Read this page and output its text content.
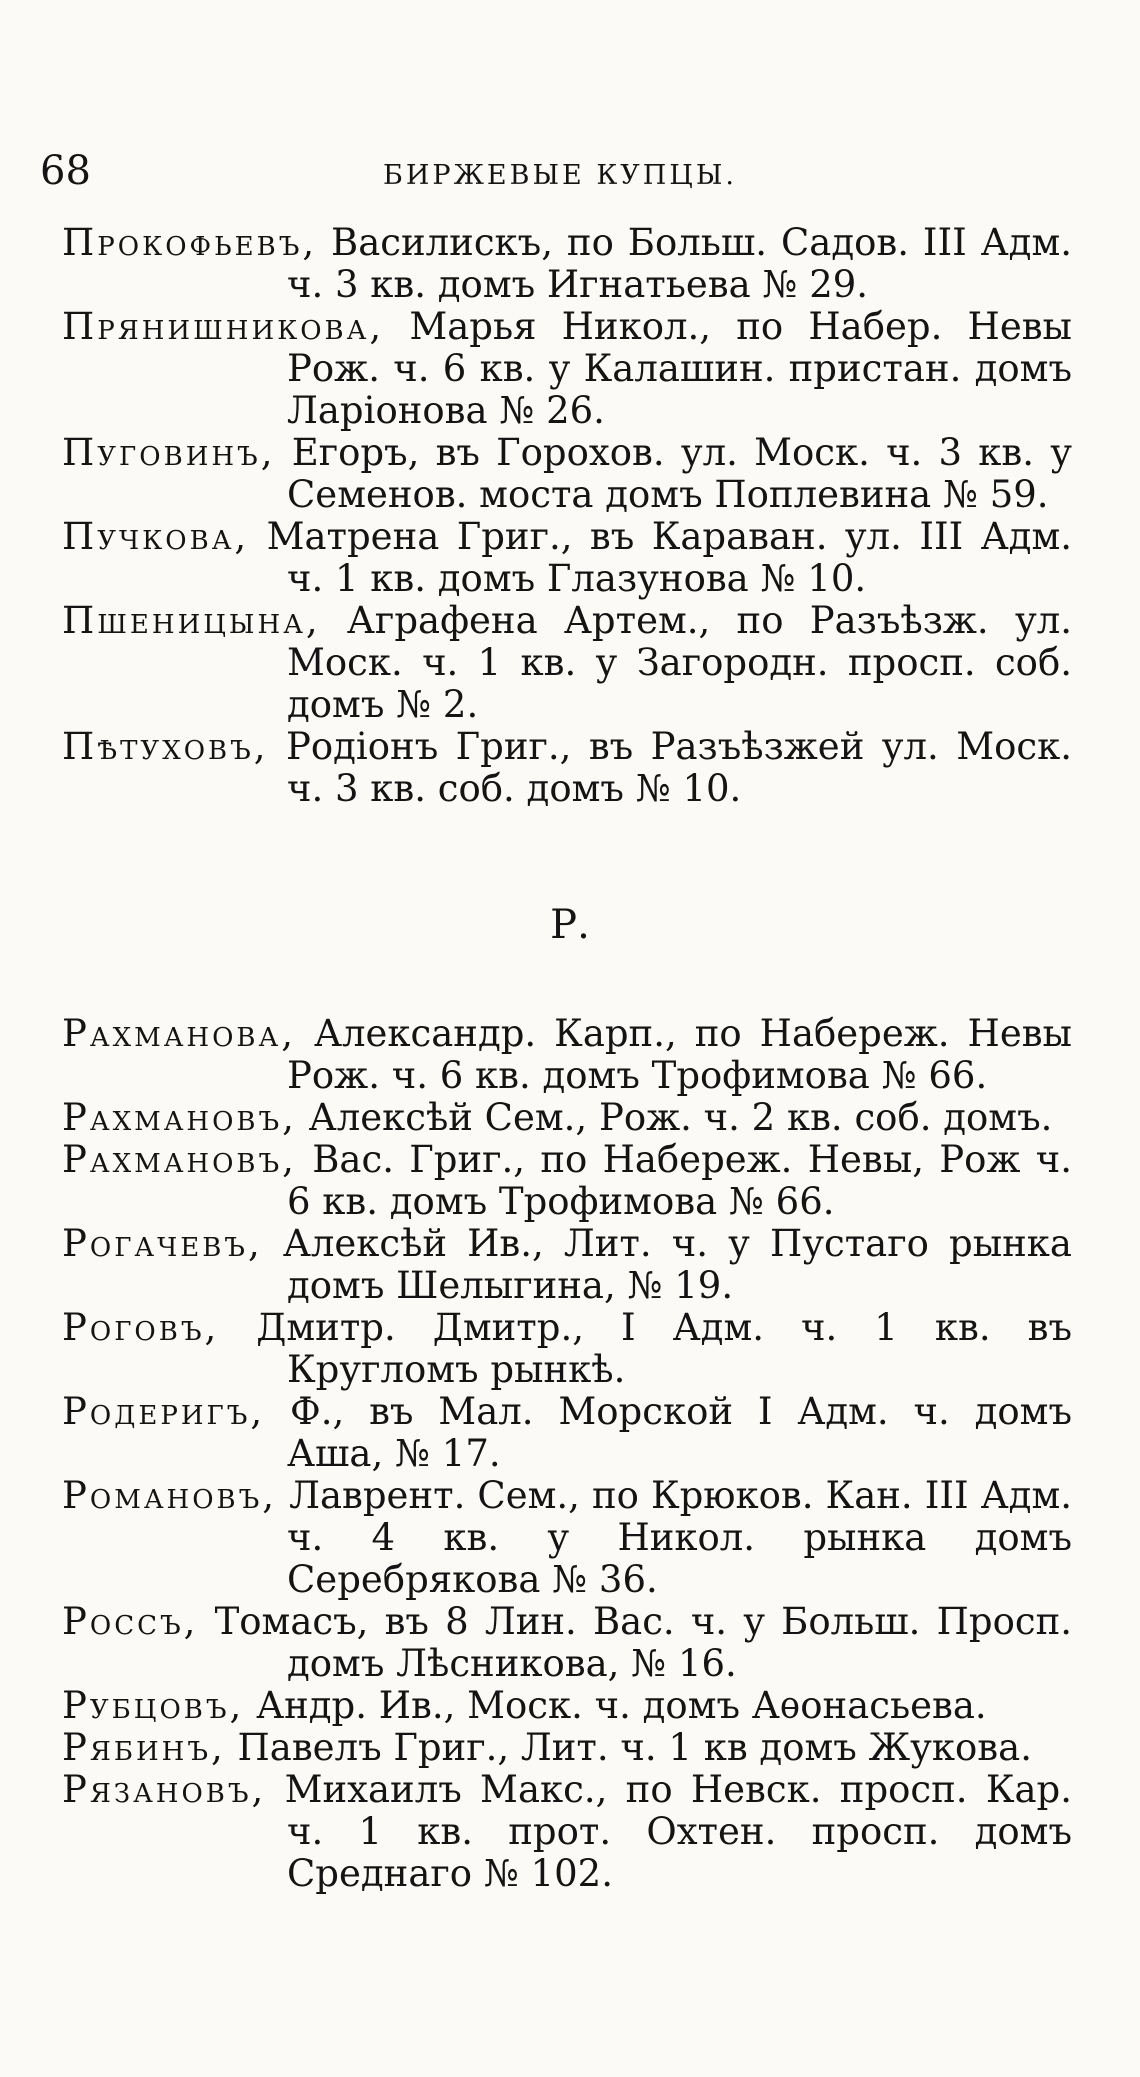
68	БИРЖЕВЫЕ КУПЦЫ.

Прокофьевъ, Василискъ, по Больш. Садов. III Адм. ч. 3 кв. домъ Игнатьева № 29.

Прянишникова, Марья Никол., по Набер. Невы Рож. ч. 6 кв. у Калашин. пристан. домъ Ларіонова № 26.

Пуговинъ, Егоръ, въ Горохов. ул. Моск. ч. 3 кв. у Семенов. моста домъ Поплевина № 59.

Пучкова, Матрена Григ., въ Караван. ул. III Адм. ч. 1 кв. домъ Глазунова № 10.

Пшеницына, Аграфена Артем., по Разъѣзж. ул. Моск. ч. 1 кв. у Загородн. просп. соб. домъ № 2.

Пѣтуховъ, Родіонъ Григ., въ Разъѣзжей ул. Моск. ч. 3 кв. соб. домъ № 10.

Р.

Рахманова, Александр. Карп., по Набереж. Невы Рож. ч. 6 кв. домъ Трофимова № 66.

Рахмановъ, Алексѣй Сем., Рож. ч. 2 кв. соб. домъ.

Рахмановъ, Вас. Григ., по Набереж. Невы, Рож ч. 6 кв. домъ Трофимова № 66.

Рогачевъ, Алексѣй Ив., Лит. ч. у Пустаго рынка домъ Шелыгина, № 19.

Роговъ, Дмитр. Дмитр., I Адм. ч. 1 кв. въ Кругломъ рынкѣ.

Родеригъ, Ф., въ Мал. Морской I Адм. ч. домъ Аша, № 17.

Романовъ, Лаврент. Сем., по Крюков. Кан. III Адм. ч. 4 кв. у Никол. рынка домъ Серебрякова № 36.

Россъ, Томасъ, въ 8 Лин. Вас. ч. у Больш. Просп. домъ Лѣсникова, № 16.

Рубцовъ, Андр. Ив., Моск. ч. домъ Аѳонасьева.

Рябинъ, Павелъ Григ., Лит. ч. 1 кв домъ Жукова.

Рязановъ, Михаилъ Макс., по Невск. просп. Кар. ч. 1 кв. прот. Охтен. просп. домъ Среднаго № 102.
